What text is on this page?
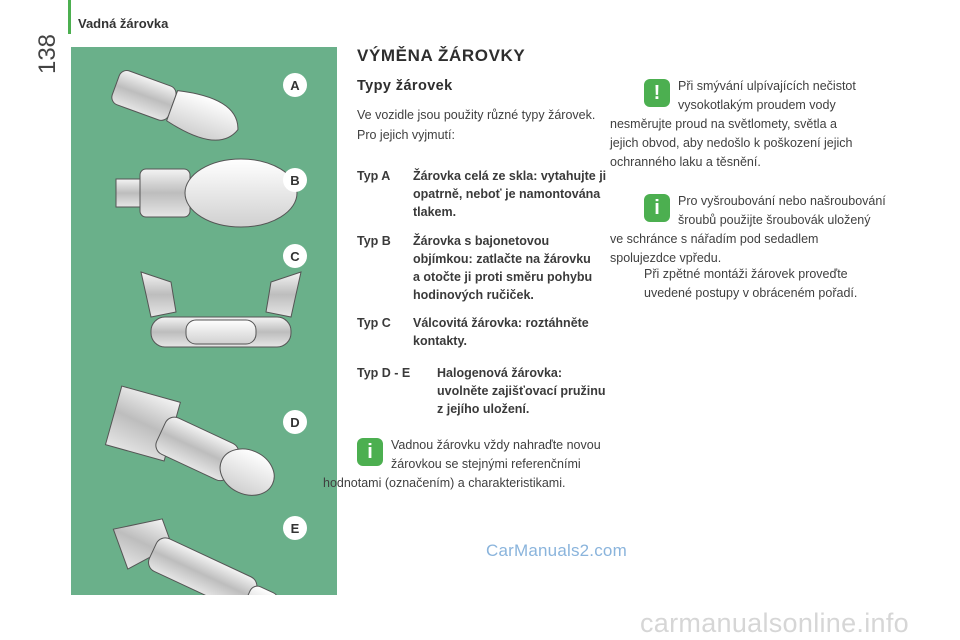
138
Vadná žárovka
A
B
C
D
E
VÝMĚNA ŽÁROVKY
Typy žárovek

Ve vozidle jsou použity různé typy žárovek.

Pro jejich vyjmutí:

Typ A Žárovka celá ze skla: vytahujte ji
opatrně, neboť je namontována
tlakem.
Typ B Žárovka s bajonetovou
objímkou: zatlačte na žárovku
a otočte ji proti směru pohybu
hodinových ručiček.
Typ C Válcovitá žárovka: roztáhněte
kontakty.
Typ D - E Halogenová žárovka:
uvolněte zajišťovací pružinu
z jejího uložení.
i	Vadnou žárovku vždy nahraďte novou
žárovkou se stejnými referenčními
hodnotami (označením) a charakteristikami.
!	Při smývání ulpívajících nečistot
vysokotlakým proudem vody
nesměrujte proud na světlomety, světla a
jejich obvod, aby nedošlo k poškození jejich
ochranného laku a těsnění.
i	Pro vyšroubování nebo našroubování
šroubů použijte šroubovák uložený
ve schránce s nářadím pod sedadlem
spolujezdce vpředu.

Při zpětné montáži žárovek proveďte

uvedené postupy v obráceném pořadí.

CarManuals2.com
carmanualsonline.info
